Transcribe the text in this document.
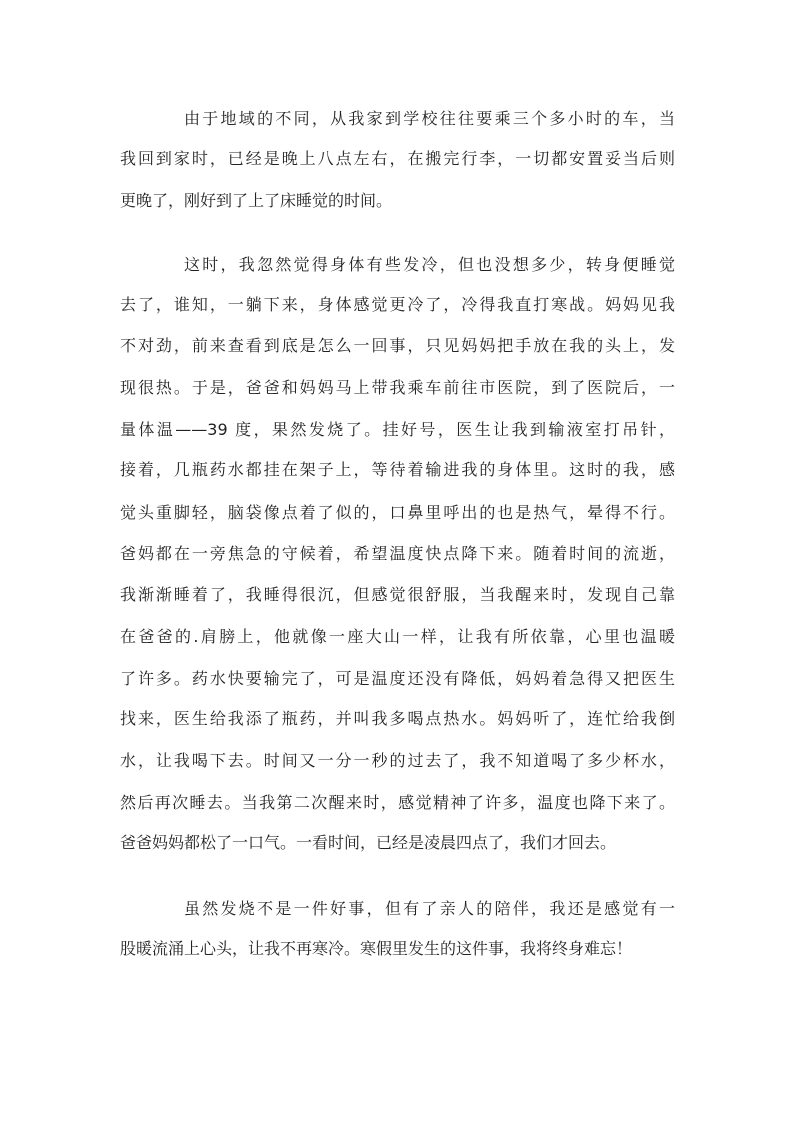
由于地域的不同，从我家到学校往往要乘三个多小时的车，当
我回到家时，已经是晚上八点左右，在搬完行李，一切都安置妥当后则
更晚了，刚好到了上了床睡觉的时间。
这时，我忽然觉得身体有些发冷，但也没想多少，转身便睡觉
去了，谁知，一躺下来，身体感觉更冷了，冷得我直打寒战。妈妈见我
不对劲，前来查看到底是怎么一回事，只见妈妈把手放在我的头上，发
现很热。于是，爸爸和妈妈马上带我乘车前往市医院，到了医院后，一
量体温——39 度，果然发烧了。挂好号，医生让我到输液室打吊针，
接着，几瓶药水都挂在架子上，等待着输进我的身体里。这时的我，感
觉头重脚轻，脑袋像点着了似的，口鼻里呼出的也是热气，晕得不行。
爸妈都在一旁焦急的守候着，希望温度快点降下来。随着时间的流逝，
我渐渐睡着了，我睡得很沉，但感觉很舒服，当我醒来时，发现自己靠
在爸爸的.肩膀上，他就像一座大山一样，让我有所依靠，心里也温暖
了许多。药水快要输完了，可是温度还没有降低，妈妈着急得又把医生
找来，医生给我添了瓶药，并叫我多喝点热水。妈妈听了，连忙给我倒
水，让我喝下去。时间又一分一秒的过去了，我不知道喝了多少杯水，
然后再次睡去。当我第二次醒来时，感觉精神了许多，温度也降下来了。
爸爸妈妈都松了一口气。一看时间，已经是凌晨四点了，我们才回去。
虽然发烧不是一件好事，但有了亲人的陪伴，我还是感觉有一
股暖流涌上心头，让我不再寒冷。寒假里发生的这件事，我将终身难忘！
